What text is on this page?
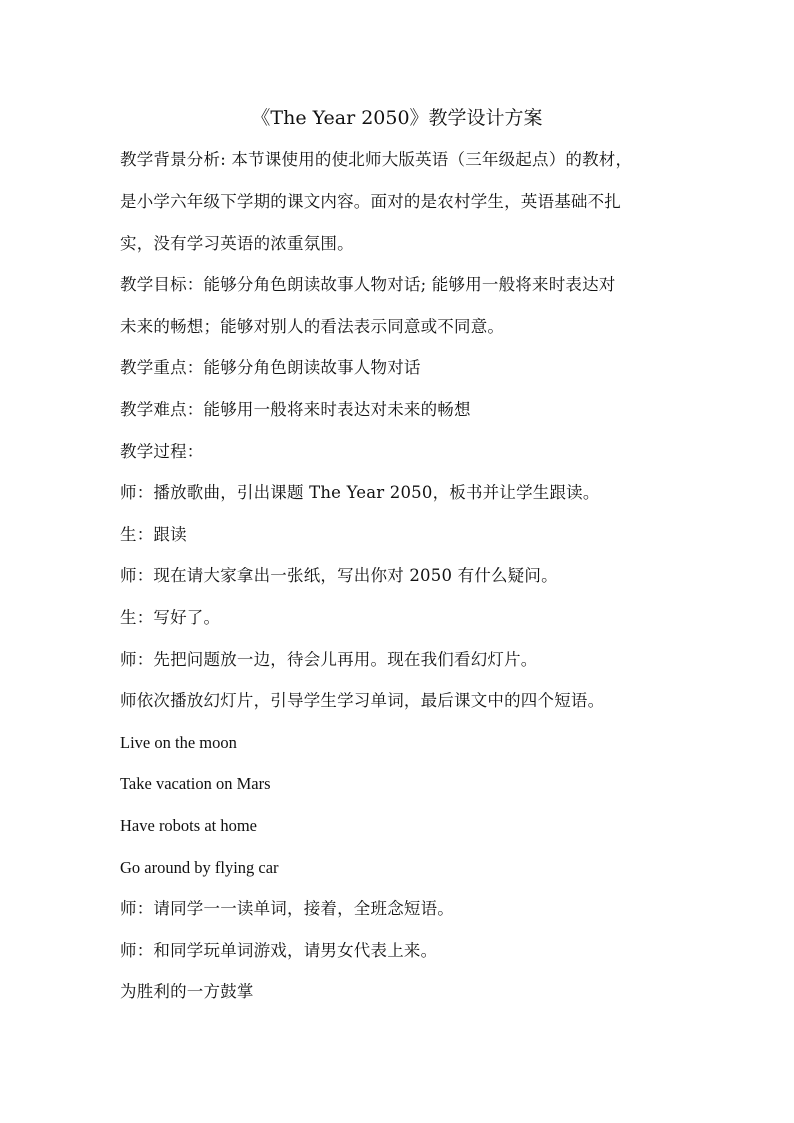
《The Year 2050》教学设计方案
教学背景分析: 本节课使用的使北师大版英语（三年级起点）的教材，
是小学六年级下学期的课文内容。面对的是农村学生，英语基础不扎
实，没有学习英语的浓重氛围。
教学目标：能够分角色朗读故事人物对话; 能够用一般将来时表达对
未来的畅想；能够对别人的看法表示同意或不同意。
教学重点：能够分角色朗读故事人物对话
教学难点：能够用一般将来时表达对未来的畅想
教学过程：
师：播放歌曲，引出课题 The Year 2050，板书并让学生跟读。
生：跟读
师：现在请大家拿出一张纸，写出你对 2050 有什么疑问。
生：写好了。
师：先把问题放一边，待会儿再用。现在我们看幻灯片。
师依次播放幻灯片，引导学生学习单词，最后课文中的四个短语。
Live on the moon
Take vacation on Mars
Have robots at home
Go around by flying car
师：请同学一一读单词，接着，全班念短语。
师：和同学玩单词游戏，请男女代表上来。
为胜利的一方鼓掌
